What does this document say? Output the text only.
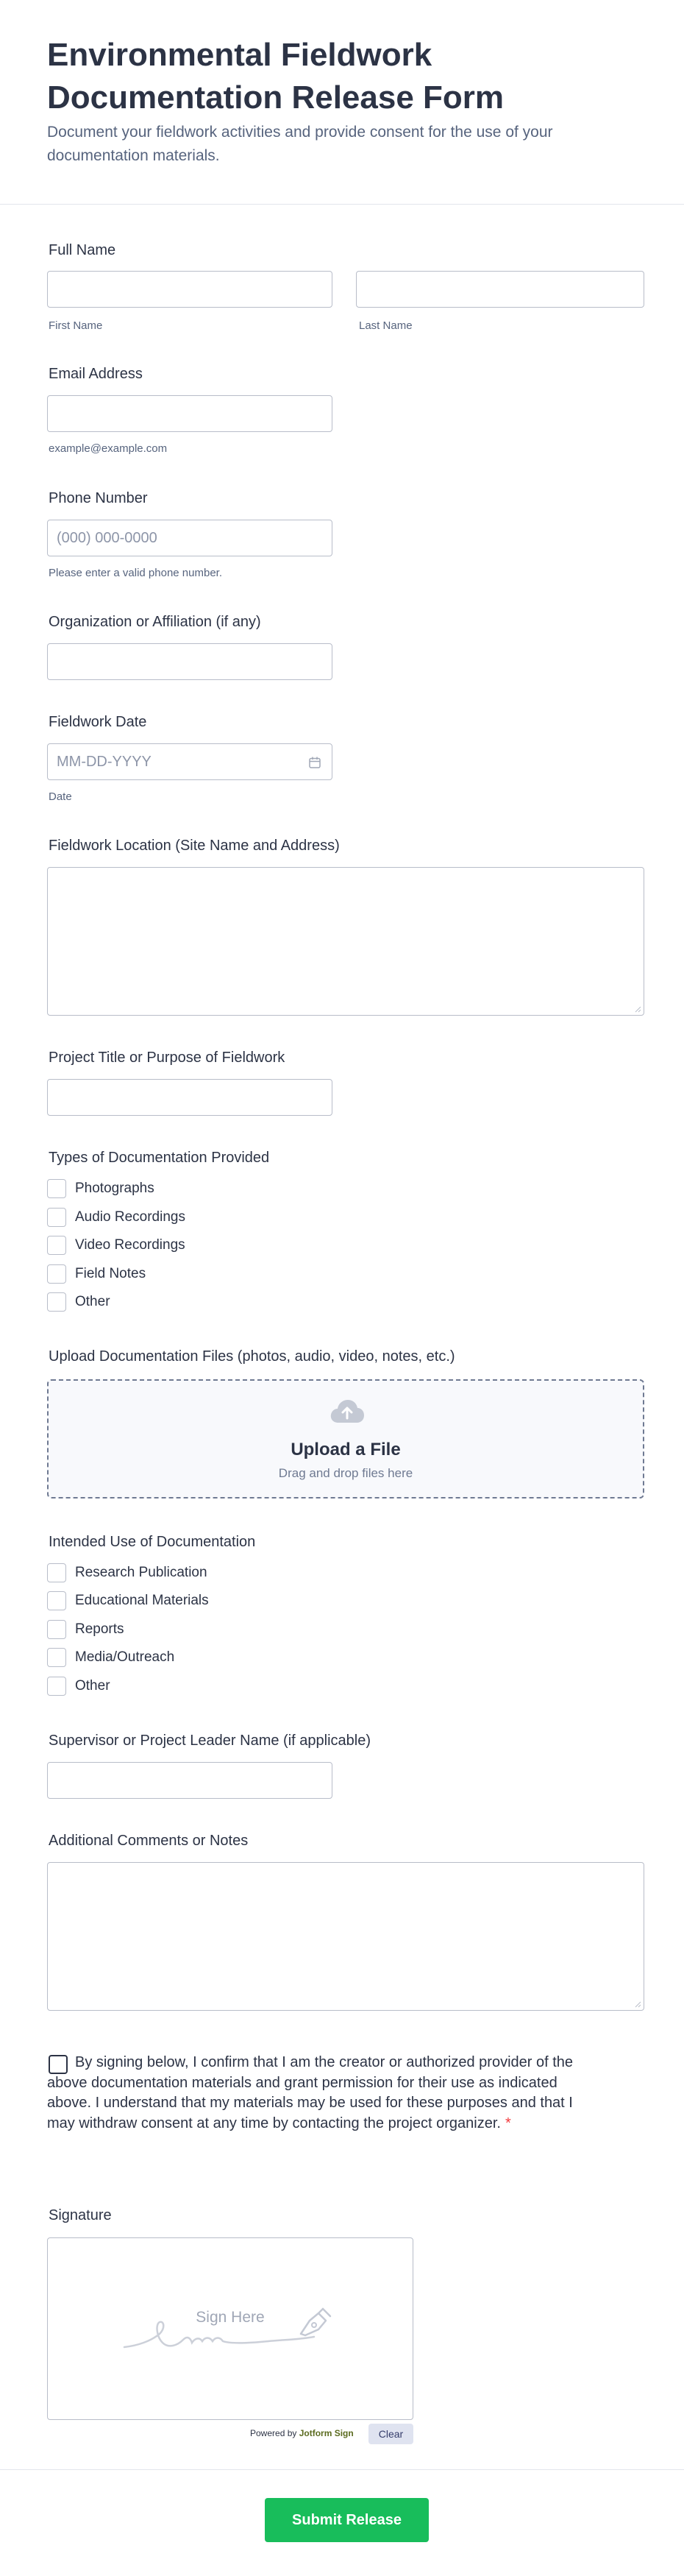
Environmental Fieldwork Documentation Release Form

Document your fieldwork activities and provide consent for the use of your documentation materials.

Full Name
First Name	Last Name
Email Address
example@example.com
Phone Number
(000) 000-0000
Please enter a valid phone number.
Organization or Affiliation (if any)
Fieldwork Date
MM-DD-YYYY
Date
Fieldwork Location (Site Name and Address)
Project Title or Purpose of Fieldwork
Types of Documentation Provided
Photographs
Audio Recordings
Video Recordings
Field Notes
Other
Upload Documentation Files (photos, audio, video, notes, etc.)
Upload a File
Drag and drop files here
Intended Use of Documentation
Research Publication
Educational Materials
Reports
Media/Outreach
Other
Supervisor or Project Leader Name (if applicable)
Additional Comments or Notes

By signing below, I confirm that I am the creator or authorized provider of the above documentation materials and grant permission for their use as indicated above. I understand that my materials may be used for these purposes and that I may withdraw consent at any time by contacting the project organizer. *

Signature
Sign Here
Powered by Jotform Sign	Clear
Submit Release
